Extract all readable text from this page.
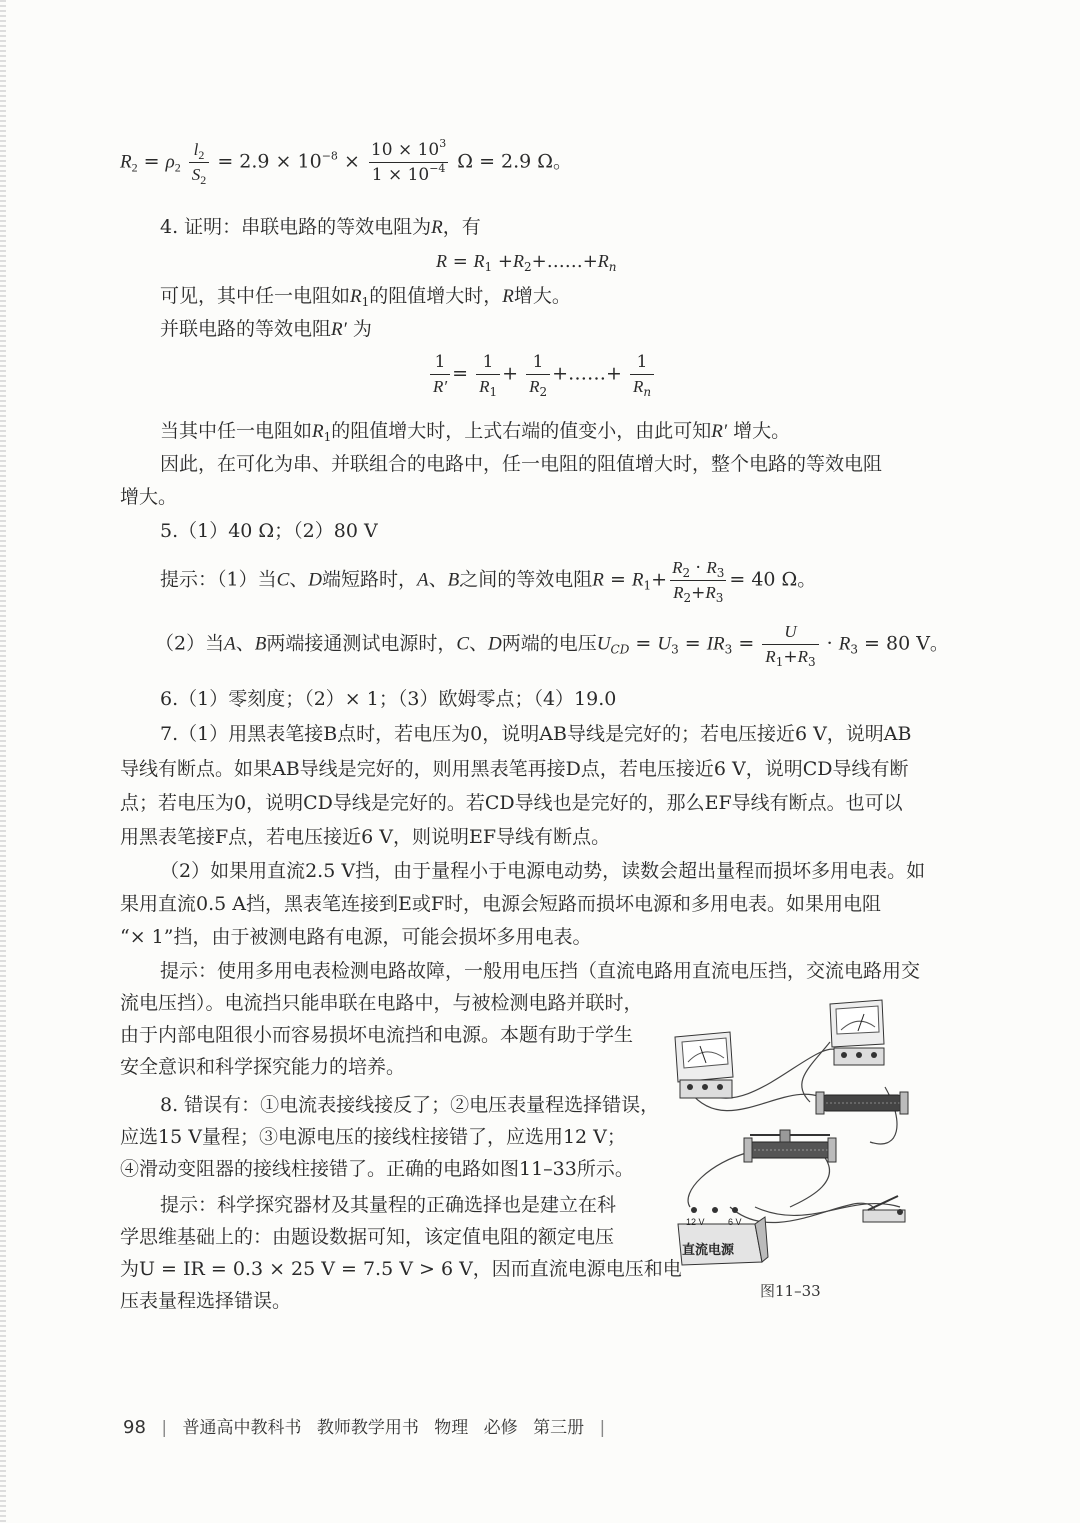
$R_2 = \rho_2 \frac{l_2}{S_2} = 2.9 \times 10^{-8} \times \frac{10 \times 10^3}{1 \times 10^{-4}}$ Ω = 2.9 Ω。
4. 证明：串联电路的等效电阻为R，有
$R = R_1$ $+R_2+\dots\dots+R_n$
可见，其中任一电阻如$R_1$的阻值增大时，R增大。
并联电路的等效电阻R′ 为
$\frac{1}{R'} = \frac{1}{R_1} + \frac{1}{R_2}$ +……+ $\frac{1}{R_n}$
当其中任一电阻如$R_1$的阻值增大时，上式右端的值变小，由此可知R′ 增大。
因此，在可化为串、并联组合的电路中，任一电阻的阻值增大时，整个电路的等效电阻
增大。
5.（1）40 Ω；（2）80 V
提示：（1）当C、D端短路时，A、B之间的等效电阻$R = R_1+ \frac{R_2 \cdot R_3}{R_2+R_3} = 40$ Ω。
（2）当A、B两端接通测试电源时，C、D两端的电压$U_{CD} = U_3 = IR_3 = \frac{U}{R_1+R_3} \cdot R_3 = 80$ V。
6.（1）零刻度；（2）× 1；（3）欧姆零点；（4）19.0
7.（1）用黑表笔接B点时，若电压为0，说明AB导线是完好的；若电压接近6 V，说明AB
导线有断点。如果AB导线是完好的，则用黑表笔再接D点，若电压接近6 V，说明CD导线有断
点；若电压为0，说明CD导线是完好的。若CD导线也是完好的，那么EF导线有断点。也可以
用黑表笔接F点，若电压接近6 V，则说明EF导线有断点。
（2）如果用直流2.5 V挡，由于量程小于电源电动势，读数会超出量程而损坏多用电表。如
果用直流0.5 A挡，黑表笔连接到E或F时，电源会短路而损坏电源和多用电表。如果用电阻
“× 1”挡，由于被测电路有电源，可能会损坏多用电表。
提示：使用多用电表检测电路故障，一般用电压挡（直流电路用直流电压挡，交流电路用交
流电压挡）。电流挡只能串联在电路中，与被检测电路并联时，
由于内部电阻很小而容易损坏电流挡和电源。本题有助于学生
安全意识和科学探究能力的培养。
8. 错误有：①电流表接线接反了；②电压表量程选择错误，
应选15 V量程；③电源电压的接线柱接错了，应选用12 V；
④滑动变阻器的接线柱接错了。正确的电路如图11–33所示。
提示：科学探究器材及其量程的正确选择也是建立在科
学思维基础上的：由题设数据可知，该定值电阻的额定电压
为U = IR = 0.3 × 25 V = 7.5 V > 6 V，因而直流电源电压和电
压表量程选择错误。
12 V	6 V
直流电源
图11–33
98 | 普通高中教科书 教师教学用书 物理 必修 第三册 |
